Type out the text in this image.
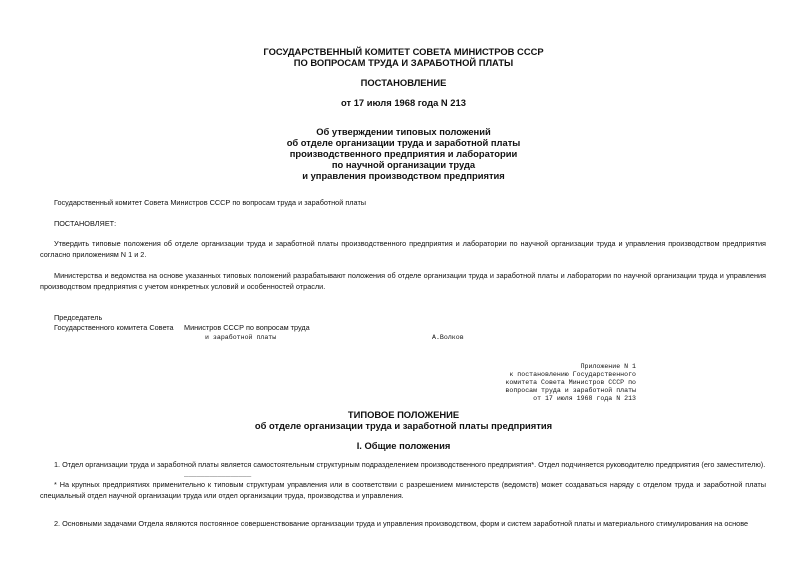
ГОСУДАРСТВЕННЫЙ КОМИТЕТ СОВЕТА МИНИСТРОВ СССР
ПО ВОПРОСАМ ТРУДА И ЗАРАБОТНОЙ ПЛАТЫ
ПОСТАНОВЛЕНИЕ
от 17 июля 1968 года N 213
Об утверждении типовых положений
об отделе организации труда и заработной платы
производственного предприятия и лаборатории
по научной организации труда
и управления производством предприятия
Государственный комитет Совета Министров СССР по вопросам труда и заработной платы
ПОСТАНОВЛЯЕТ:
Утвердить типовые положения об отделе организации труда и заработной платы производственного предприятия и лаборатории по научной организации труда и управления производством предприятия согласно приложениям N 1 и 2.
Министерства и ведомства на основе указанных типовых положений разрабатывают положения об отделе организации труда и заработной платы и лаборатории по научной организации труда и управления производством предприятия с учетом конкретных условий и особенностей отрасли.
Председатель
Государственного комитета Совета Министров СССР по вопросам труда
и заработной платы	А.Волков
Приложение N 1
к постановлению Государственного
комитета Совета Министров СССР по
вопросам труда и заработной платы
от 17 июля 1968 года N 213
ТИПОВОЕ ПОЛОЖЕНИЕ
об отделе организации труда и заработной платы предприятия
I. Общие положения
1. Отдел организации труда и заработной платы является самостоятельным структурным подразделением производственного предприятия*. Отдел подчиняется руководителю предприятия (его заместителю).
________________
* На крупных предприятиях применительно к типовым структурам управления или в соответствии с разрешением министерств (ведомств) может создаваться наряду с отделом труда и заработной платы специальный отдел научной организации труда или отдел организации труда, производства и управления.
2. Основными задачами Отдела являются постоянное совершенствование организации труда и управления производством, форм и систем заработной платы и материального стимулирования на основе
